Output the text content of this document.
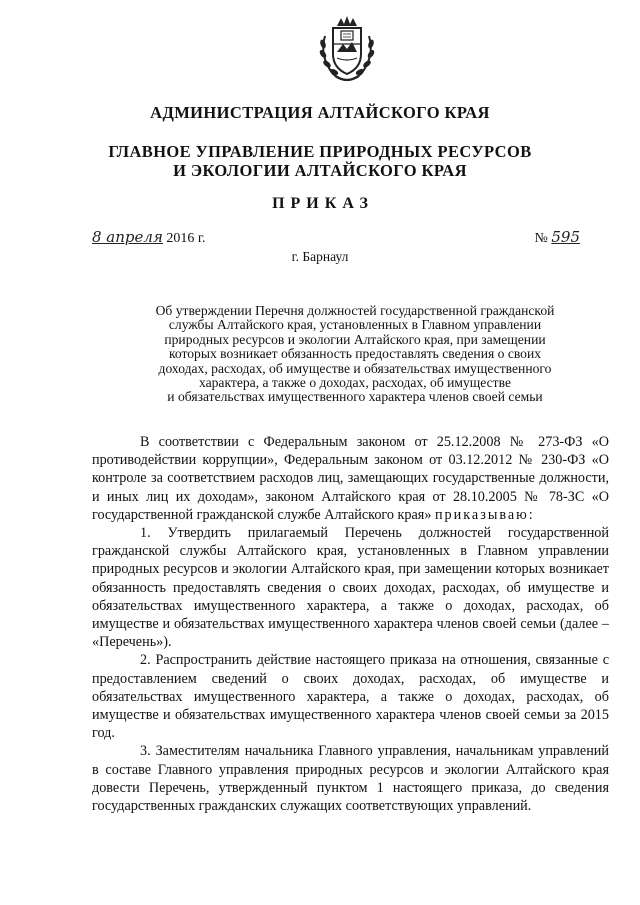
АДМИНИСТРАЦИЯ АЛТАЙСКОГО КРАЯ
ГЛАВНОЕ УПРАВЛЕНИЕ ПРИРОДНЫХ РЕСУРСОВ
И ЭКОЛОГИИ АЛТАЙСКОГО КРАЯ
ПРИКАЗ
8 апреля 2016 г.	№ 595
г. Барнаул
Об утверждении Перечня должностей государственной гражданской
службы Алтайского края, установленных в Главном управлении
природных ресурсов и экологии Алтайского края, при замещении
которых возникает обязанность предоставлять сведения о своих
доходах, расходах, об имуществе и обязательствах имущественного
характера, а также о доходах, расходах, об имуществе
и обязательствах имущественного характера членов своей семьи

В соответствии с Федеральным законом от 25.12.2008 № 273-ФЗ «О противодействии коррупции», Федеральным законом от 03.12.2012 № 230-ФЗ «О контроле за соответствием расходов лиц, замещающих государственные должности, и иных лиц их доходам», законом Алтайского края от 28.10.2005 № 78-ЗС «О государственной гражданской службе Алтайского края» приказываю:

1. Утвердить прилагаемый Перечень должностей государственной гражданской службы Алтайского края, установленных в Главном управлении природных ресурсов и экологии Алтайского края, при замещении которых возникает обязанность предоставлять сведения о своих доходах, расходах, об имуществе и обязательствах имущественного характера, а также о доходах, расходах, об имуществе и обязательствах имущественного характера членов своей семьи (далее – «Перечень»).

2. Распространить действие настоящего приказа на отношения, связанные с предоставлением сведений о своих доходах, расходах, об имуществе и обязательствах имущественного характера, а также о доходах, расходах, об имуществе и обязательствах имущественного характера членов своей семьи за 2015 год.

3. Заместителям начальника Главного управления, начальникам управлений в составе Главного управления природных ресурсов и экологии Алтайского края довести Перечень, утвержденный пунктом 1 настоящего приказа, до сведения государственных гражданских служащих соответствующих управлений.
